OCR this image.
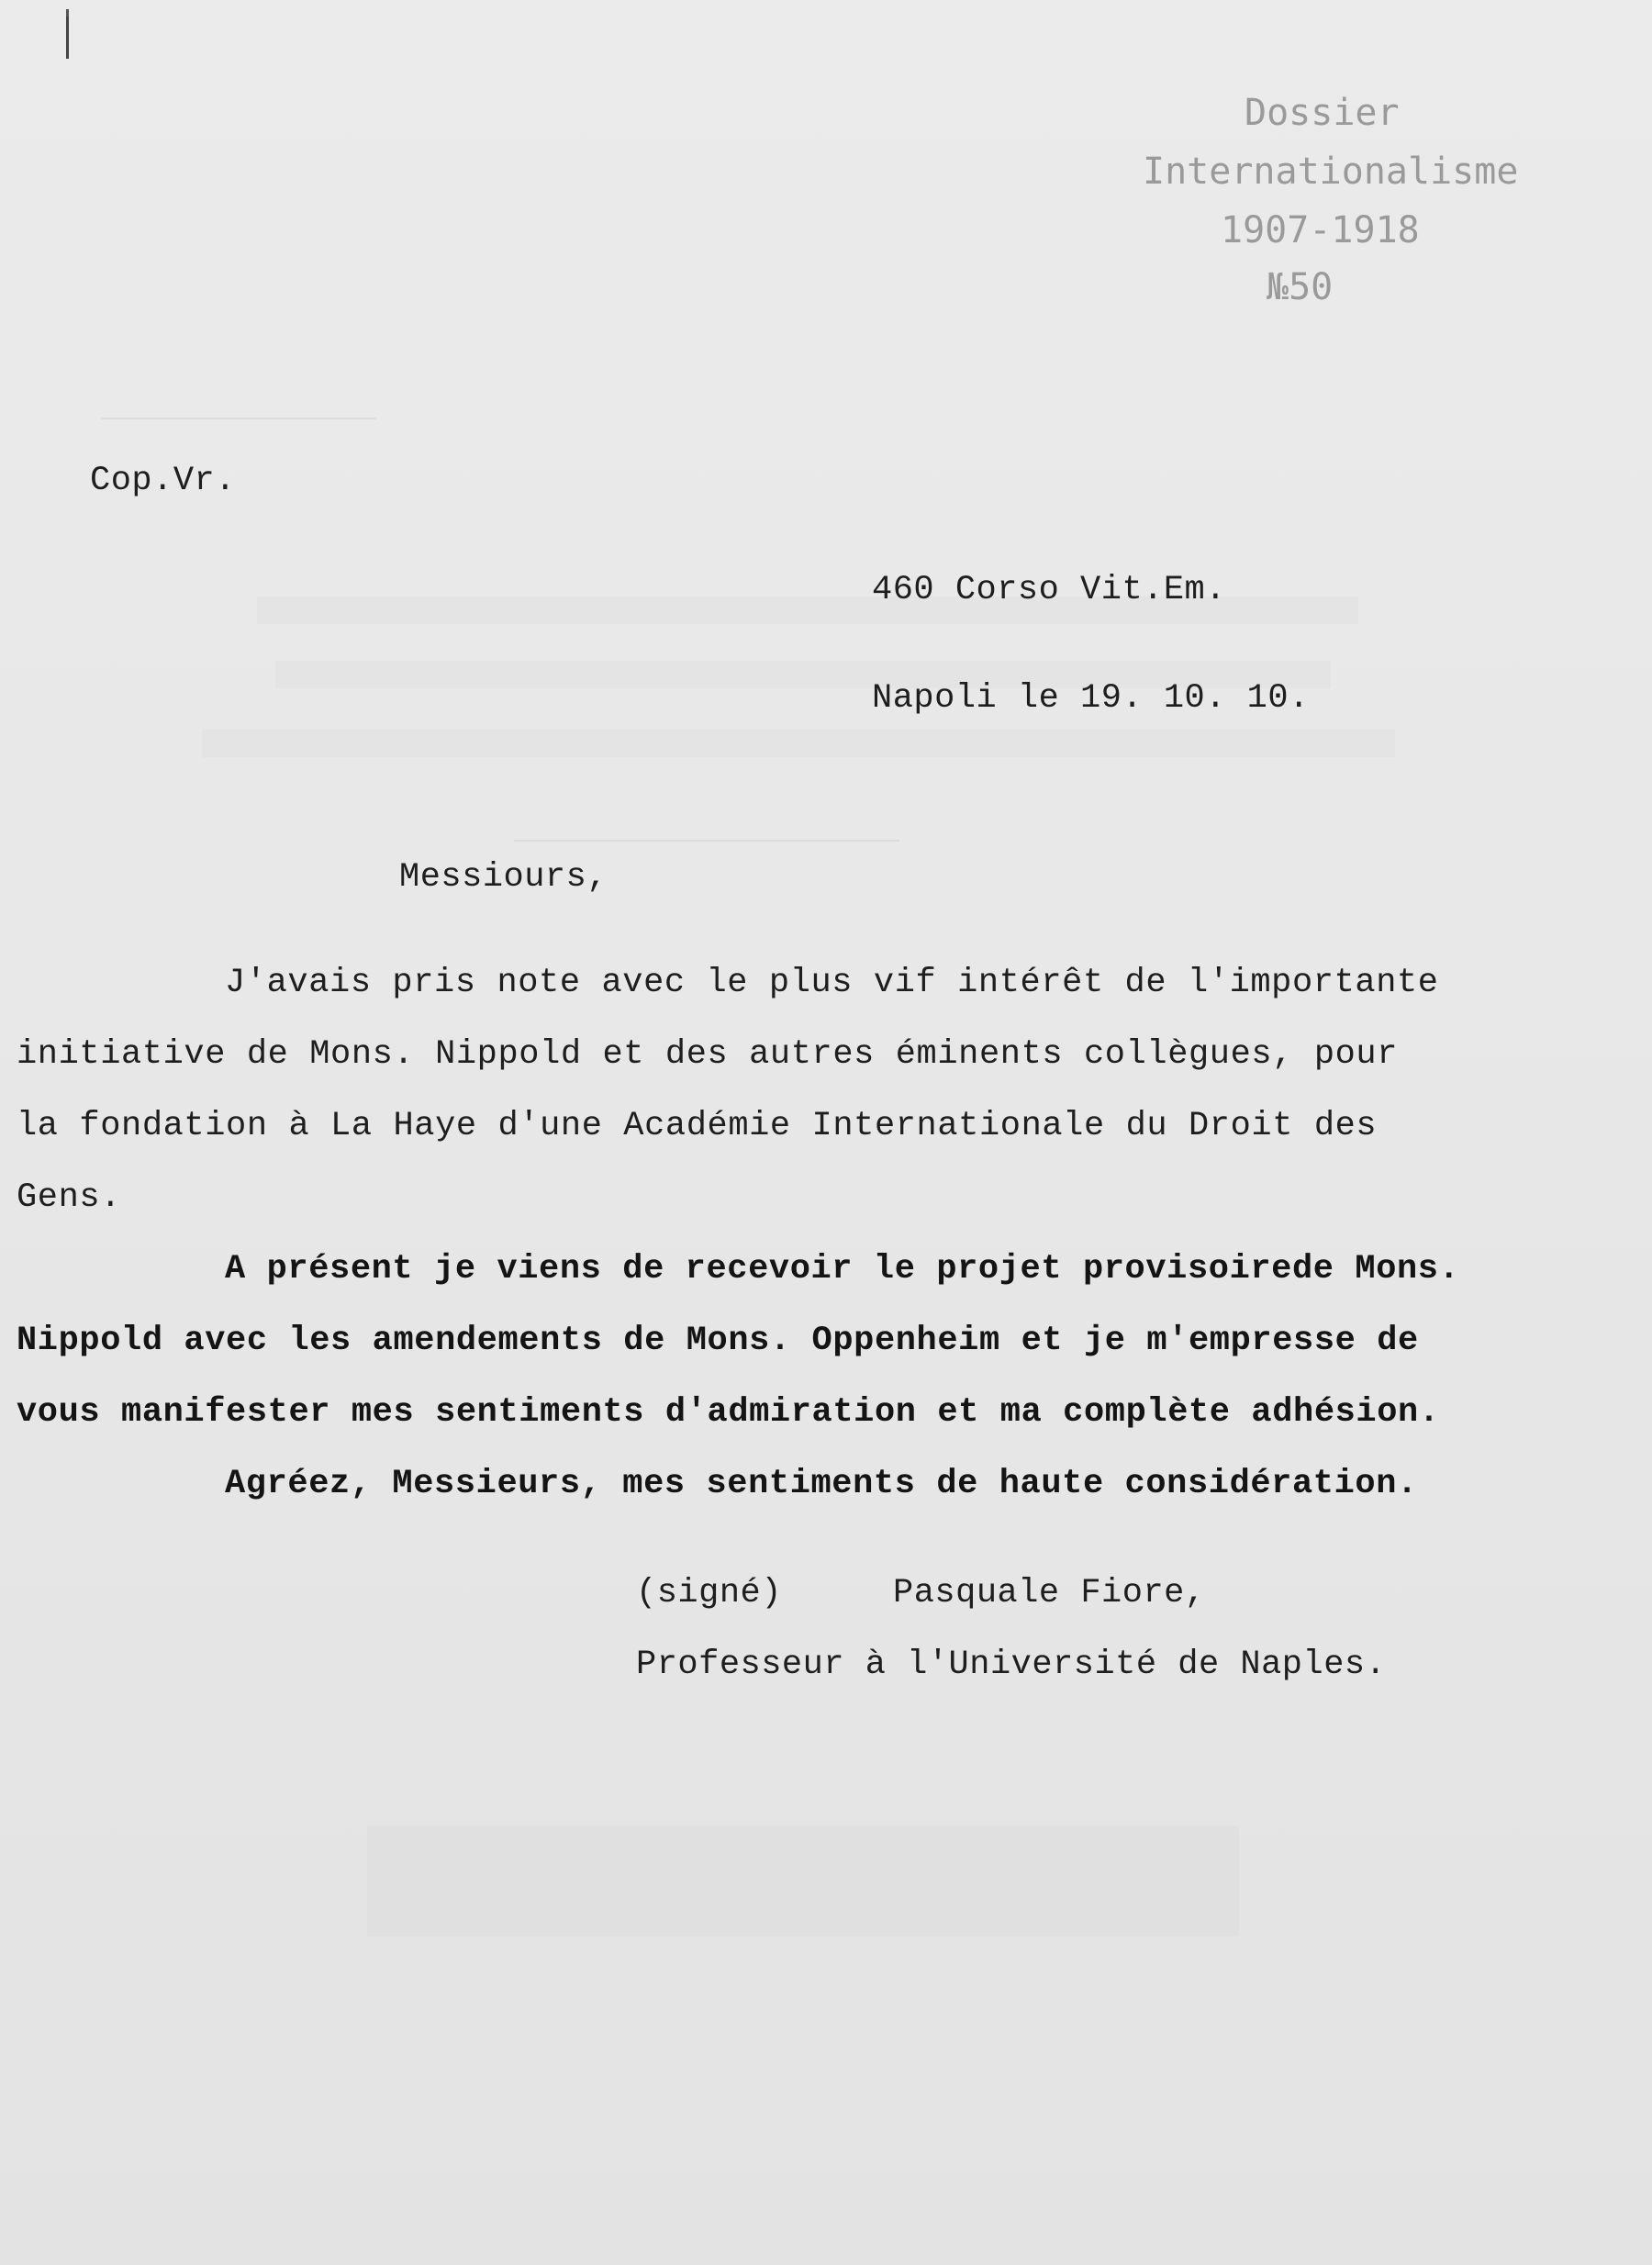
Dossier
Internationalisme
1907-1918
№50
Cop.Vr.
460 Corso Vit.Em.
Napoli le 19. 10. 10.
Messiours,
J'avais pris note avec le plus vif intérêt de l'importante
initiative de Mons. Nippold et des autres éminents collègues, pour
la fondation à La Haye d'une Académie Internationale du Droit des
Gens.
A présent je viens de recevoir le projet provisoirede Mons.
Nippold avec les amendements de Mons. Oppenheim et je m'empresse de
vous manifester mes sentiments d'admiration et ma complète adhésion.
Agréez, Messieurs, mes sentiments de haute considération.
(signé)	Pasquale Fiore,
Professeur à l'Université de Naples.
